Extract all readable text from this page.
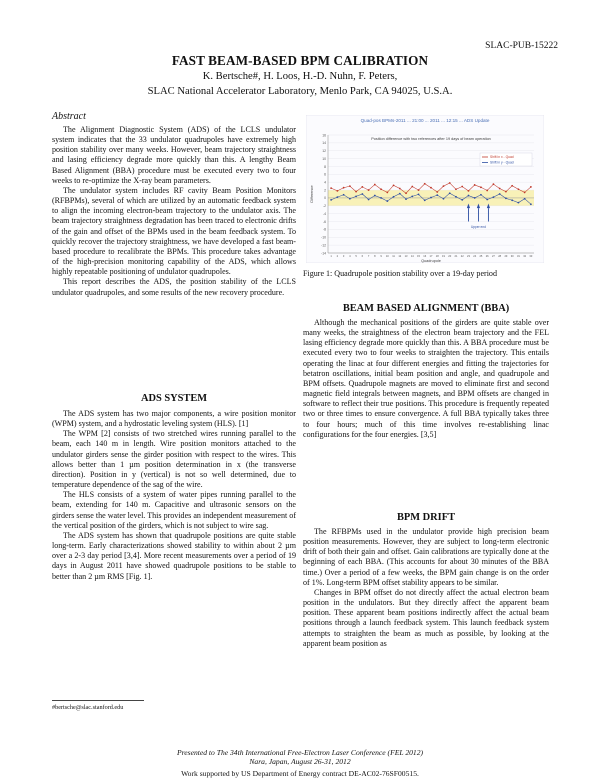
SLAC-PUB-15222
FAST BEAM-BASED BPM CALIBRATION
K. Bertsche#, H. Loos, H.-D. Nuhn, F. Peters,
SLAC National Accelerator Laboratory, Menlo Park, CA 94025, U.S.A.
Abstract

The Alignment Diagnostic System (ADS) of the LCLS undulator system indicates that the 33 undulator quadrupoles have extremely high position stability over many weeks. However, beam trajectory straightness and lasing efficiency degrade more quickly than this. A lengthy Beam Based Alignment (BBA) procedure must be executed every two to four weeks to re-optimize the X-ray beam parameters.

The undulator system includes RF cavity Beam Position Monitors (RFBPMs), several of which are utilized by an automatic feedback system to align the incoming electron-beam trajectory to the undulator axis. The beam trajectory straightness degradation has been traced to electronic drifts of the gain and offset of the BPMs used in the beam feedback system. To quickly recover the trajectory straightness, we have developed a fast beam-based procedure to recalibrate the BPMs. This procedure takes advantage of the high-precision monitoring capability of the ADS, which allows highly repeatable positioning of undulator quadrupoles.

This report describes the ADS, the position stability of the LCLS undulator quadrupoles, and some results of the new recovery procedure.

ADS SYSTEM

The ADS system has two major components, a wire position monitor (WPM) system, and a hydrostatic leveling system (HLS). [1]

The WPM [2] consists of two stretched wires running parallel to the beam, each 140 m in length. Wire position monitors attached to the undulator girders sense the girder position with respect to the wires. This allows better than 1 µm position determination in x (the transverse direction). Position in y (vertical) is not so well determined, due to temperature dependence of the sag of the wire.

The HLS consists of a system of water pipes running parallel to the beam, extending for 140 m. Capacitive and ultrasonic sensors on the girders sense the water level. This provides an independent measurement of the vertical position of the girders, which is not subject to wire sag.

The ADS system has shown that quadrupole positions are quite stable long-term. Early characterizations showed stability to within about 2 µm over a 2-3 day period [3,4]. More recent measurements over a period of 19 days in August 2011 have showed quadrupole positions to be stable to better than 2 µm RMS [Fig. 1].

#bertsche@slac.stanford.edu
Quad-pos BPMs-2011 ... 21:00 ... 2011 ... 12:15 ... ADS Update
Position difference with two references after 19 days of beam operation
16
14
12
10
8
6
4
2
0
-2
-4
-6
-8
-10
-12
-14
1 2 3 4 5 6 7 8 9 10 11 12 13 14 15 16 17 18 19 20 21 22 23 24 25 26 27 28 29 30 31 32 33
Difference
Quadrupole
Shift in x - Quad
Shift in y - Quad
Upper end
Figure 1: Quadrupole position stability over a 19-day period
BEAM BASED ALIGNMENT (BBA)

Although the mechanical positions of the girders are quite stable over many weeks, the straightness of the electron beam trajectory and the FEL lasing efficiency degrade more quickly than this. A BBA procedure must be executed every two to four weeks to straighten the trajectory. This entails operating the linac at four different energies and fitting the trajectories for betatron oscillations, initial beam position and angle, and quadrupole and BPM offsets. Quadrupole magnets are moved to eliminate first and second magnetic field integrals between magnets, and BPM offsets are changed in software to reflect their true positions. This procedure is frequently repeated two or three times to ensure convergence. A full BBA typically takes three to four hours; much of this time involves re-establishing linac configurations for the four energies. [3,5]

BPM DRIFT

The RFBPMs used in the undulator provide high precision beam position measurements. However, they are subject to long-term electronic drift of both their gain and offset. Gain calibrations are typically done at the beginning of each BBA. (This accounts for about 30 minutes of the BBA time.) Over a period of a few weeks, the BPM gain change is on the order of 1%. Long-term BPM offset stability appears to be similar.

Changes in BPM offset do not directly affect the actual electron beam position in the undulators. But they directly affect the apparent beam position. These apparent beam positions indirectly affect the actual beam positions through a launch feedback system. This launch feedback system attempts to straighten the beam as much as possible, by looking at the apparent beam position as

Presented to The 34th International Free-Electron Laser Conference (FEL 2012)
Nara, Japan, August 26-31, 2012
Work supported by US Department of Energy contract DE-AC02-76SF00515.
